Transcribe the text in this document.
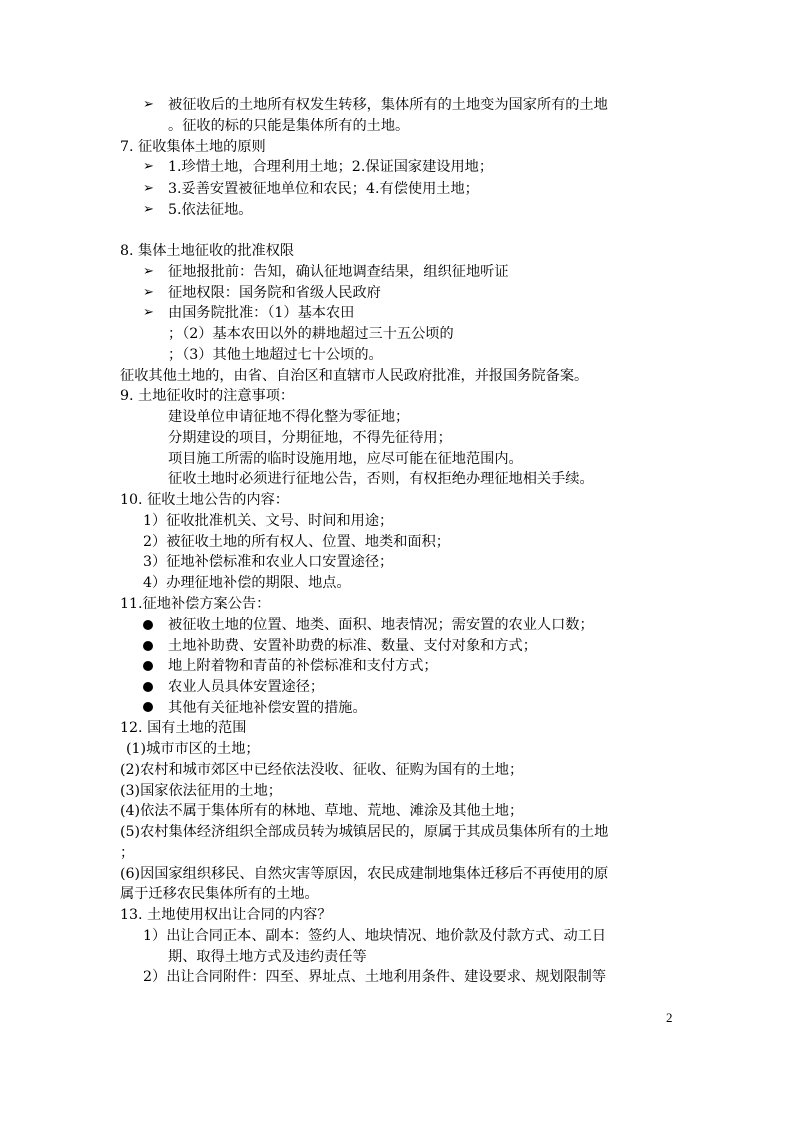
➢
➢
➢
➢
➢
➢
➢
被征收后的土地所有权发生转移，集体所有的土地变为国家所有的土地
。征收的标的只能是集体所有的土地。
7. 征收集体土地的原则
1.珍惜土地，合理利用土地；2.保证国家建设用地；
3.妥善安置被征地单位和农民；4.有偿使用土地；
5.依法征地。
8. 集体土地征收的批准权限
征地报批前：告知，确认征地调查结果，组织征地听证
征地权限：国务院和省级人民政府
由国务院批准：（1）基本农田
；（2）基本农田以外的耕地超过三十五公顷的
；（3）其他土地超过七十公顷的。
征收其他土地的，由省、自治区和直辖市人民政府批准，并报国务院备案。
9. 土地征收时的注意事项：
建设单位申请征地不得化整为零征地；
分期建设的项目，分期征地，不得先征待用；
项目施工所需的临时设施用地，应尽可能在征地范围内。
征收土地时必须进行征地公告，否则，有权拒绝办理征地相关手续。
10. 征收土地公告的内容：
1）征收批准机关、文号、时间和用途；
2）被征收土地的所有权人、位置、地类和面积；
3）征地补偿标准和农业人口安置途径；
4）办理征地补偿的期限、地点。
11.征地补偿方案公告：
被征收土地的位置、地类、面积、地表情况；需安置的农业人口数；
土地补助费、安置补助费的标准、数量、支付对象和方式；
地上附着物和青苗的补偿标准和支付方式；
农业人员具体安置途径；
其他有关征地补偿安置的措施。
12. 国有土地的范围
(1)城市市区的土地；
(2)农村和城市郊区中已经依法没收、征收、征购为国有的土地；
(3)国家依法征用的土地；
(4)依法不属于集体所有的林地、草地、荒地、滩涂及其他土地；
(5)农村集体经济组织全部成员转为城镇居民的，原属于其成员集体所有的土地
；
(6)因国家组织移民、自然灾害等原因，农民成建制地集体迁移后不再使用的原
属于迁移农民集体所有的土地。
13. 土地使用权出让合同的内容？
1）出让合同正本、副本：签约人、地块情况、地价款及付款方式、动工日
期、取得土地方式及违约责任等
2）出让合同附件：四至、界址点、土地利用条件、建设要求、规划限制等
2
